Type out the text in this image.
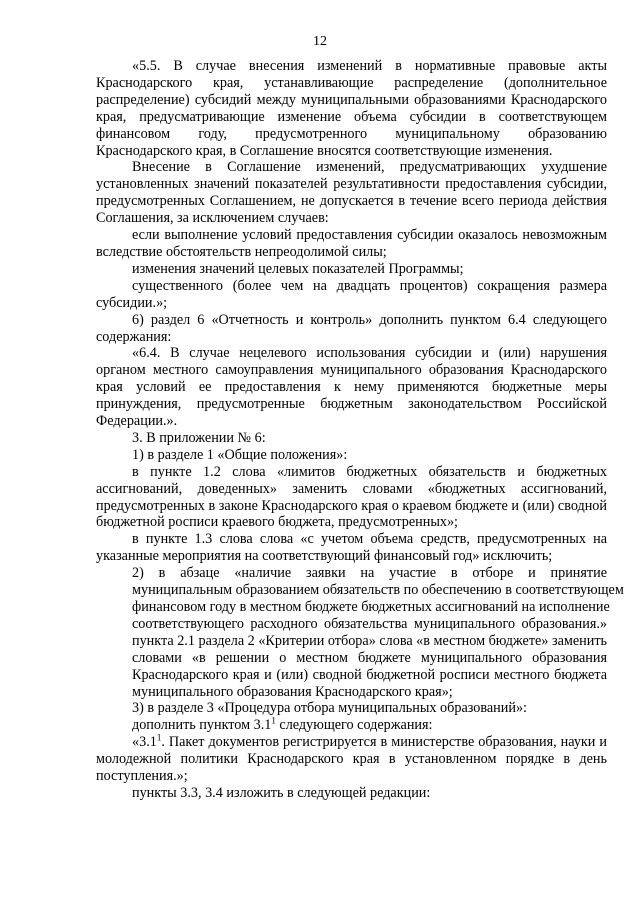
12

«5.5. В случае внесения изменений в нормативные правовые акты Краснодарского края, устанавливающие распределение (дополнительное распределение) субсидий между муниципальными образованиями Краснодарского края, предусматривающие изменение объема субсидии в соответствующем финансовом году, предусмотренного муниципальному образованию Краснодарского края, в Соглашение вносятся соответствующие изменения.

Внесение в Соглашение изменений, предусматривающих ухудшение установленных значений показателей результативности предоставления субсидии, предусмотренных Соглашением, не допускается в течение всего периода действия Соглашения, за исключением случаев:

если выполнение условий предоставления субсидии оказалось невозможным вследствие обстоятельств непреодолимой силы;

изменения значений целевых показателей Программы;

существенного (более чем на двадцать процентов) сокращения размера субсидии.»;

6) раздел 6 «Отчетность и контроль» дополнить пунктом 6.4 следующего содержания:

«6.4. В случае нецелевого использования субсидии и (или) нарушения органом местного самоуправления муниципального образования Краснодарского края условий ее предоставления к нему применяются бюджетные меры принуждения, предусмотренные бюджетным законодательством Российской Федерации.».

3. В приложении № 6:

1) в разделе 1 «Общие положения»:

в пункте 1.2 слова «лимитов бюджетных обязательств и бюджетных ассигнований, доведенных» заменить словами «бюджетных ассигнований, предусмотренных в законе Краснодарского края о краевом бюджете и (или) сводной бюджетной росписи краевого бюджета, предусмотренных»;

в пункте 1.3 слова слова «с учетом объема средств, предусмотренных на указанные мероприятия на соответствующий финансовый год» исключить;

2) в абзаце «наличие заявки на участие в отборе и принятие
муниципальным образованием обязательств по обеспечению в соответствующем
финансовом году в местном бюджете бюджетных ассигнований на исполнение
соответствующего расходного обязательства муниципального образования.»
пункта 2.1 раздела 2 «Критерии отбора» слова «в местном бюджете» заменить
словами «в решении о местном бюджете муниципального образования
Краснодарского края и (или) сводной бюджетной росписи местного бюджета
муниципального образования Краснодарского края»;

3) в разделе 3 «Процедура отбора муниципальных образований»:

дополнить пунктом $3.1^1$ следующего содержания:

«$3.1^1$. Пакет документов регистрируется в министерстве образования, науки и молодежной политики Краснодарского края в установленном порядке в день поступления.»;

пункты 3.3, 3.4 изложить в следующей редакции:
